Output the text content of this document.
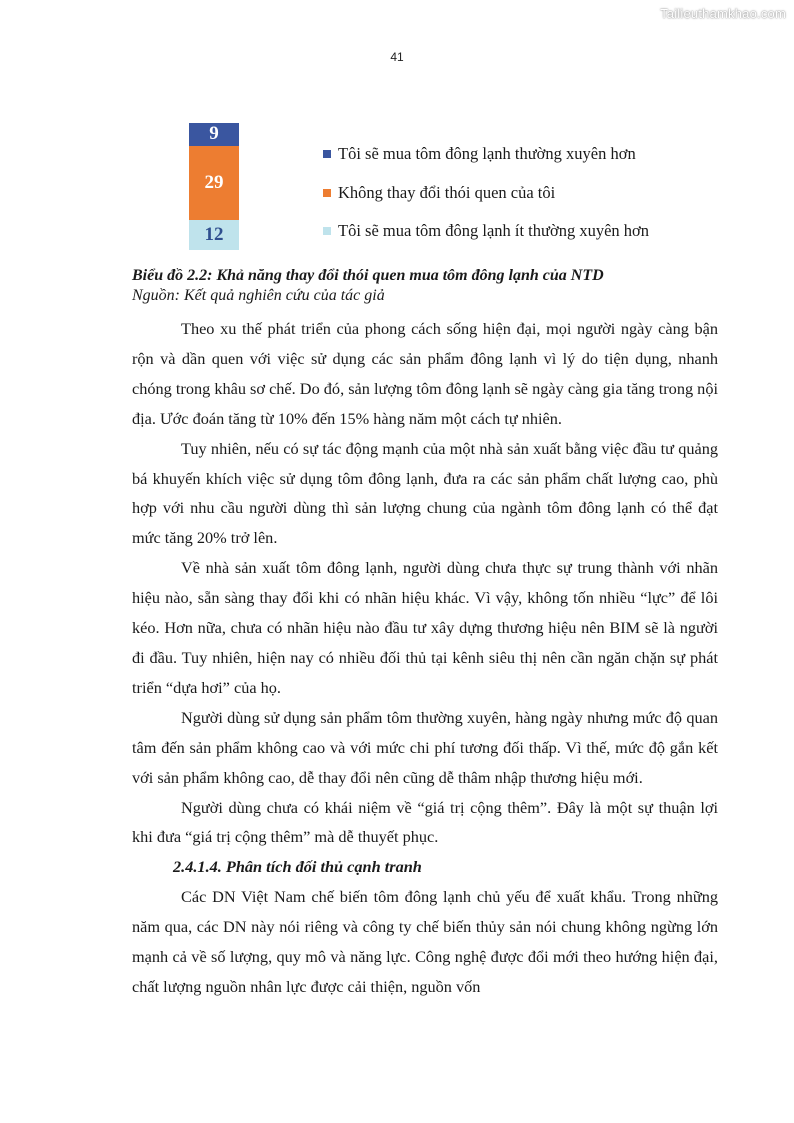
Tailieuthamkhao.com
41
9
29
12
Tôi sẽ mua tôm đông lạnh thường xuyên hơn
Không thay đổi thói quen của tôi
Tôi sẽ mua tôm đông lạnh ít thường xuyên hơn
Biểu đồ 2.2: Khả năng thay đổi thói quen mua tôm đông lạnh của NTD
Nguồn: Kết quả nghiên cứu của tác giả

Theo xu thế phát triển của phong cách sống hiện đại, mọi người ngày càng bận rộn và dần quen với việc sử dụng các sản phẩm đông lạnh vì lý do tiện dụng, nhanh chóng trong khâu sơ chế. Do đó, sản lượng tôm đông lạnh sẽ ngày càng gia tăng trong nội địa. Ước đoán tăng từ 10% đến 15% hàng năm một cách tự nhiên.

Tuy nhiên, nếu có sự tác động mạnh của một nhà sản xuất bằng việc đầu tư quảng bá khuyến khích việc sử dụng tôm đông lạnh, đưa ra các sản phẩm chất lượng cao, phù hợp với nhu cầu người dùng thì sản lượng chung của ngành tôm đông lạnh có thể đạt mức tăng 20% trở lên.

Về nhà sản xuất tôm đông lạnh, người dùng chưa thực sự trung thành với nhãn hiệu nào, sẵn sàng thay đổi khi có nhãn hiệu khác. Vì vậy, không tốn nhiều “lực” để lôi kéo. Hơn nữa, chưa có nhãn hiệu nào đầu tư xây dựng thương hiệu nên BIM sẽ là người đi đầu. Tuy nhiên, hiện nay có nhiều đối thủ tại kênh siêu thị nên cần ngăn chặn sự phát triển “dựa hơi” của họ.

Người dùng sử dụng sản phẩm tôm thường xuyên, hàng ngày nhưng mức độ quan tâm đến sản phẩm không cao và với mức chi phí tương đối thấp. Vì thế, mức độ gắn kết với sản phẩm không cao, dễ thay đổi nên cũng dễ thâm nhập thương hiệu mới.

Người dùng chưa có khái niệm về “giá trị cộng thêm”. Đây là một sự thuận lợi khi đưa “giá trị cộng thêm” mà dễ thuyết phục.

2.4.1.4. Phân tích đối thủ cạnh tranh

Các DN Việt Nam chế biến tôm đông lạnh chủ yếu để xuất khẩu. Trong những năm qua, các DN này nói riêng và công ty chế biến thủy sản nói chung không ngừng lớn mạnh cả về số lượng, quy mô và năng lực. Công nghệ được đổi mới theo hướng hiện đại, chất lượng nguồn nhân lực được cải thiện, nguồn vốn
